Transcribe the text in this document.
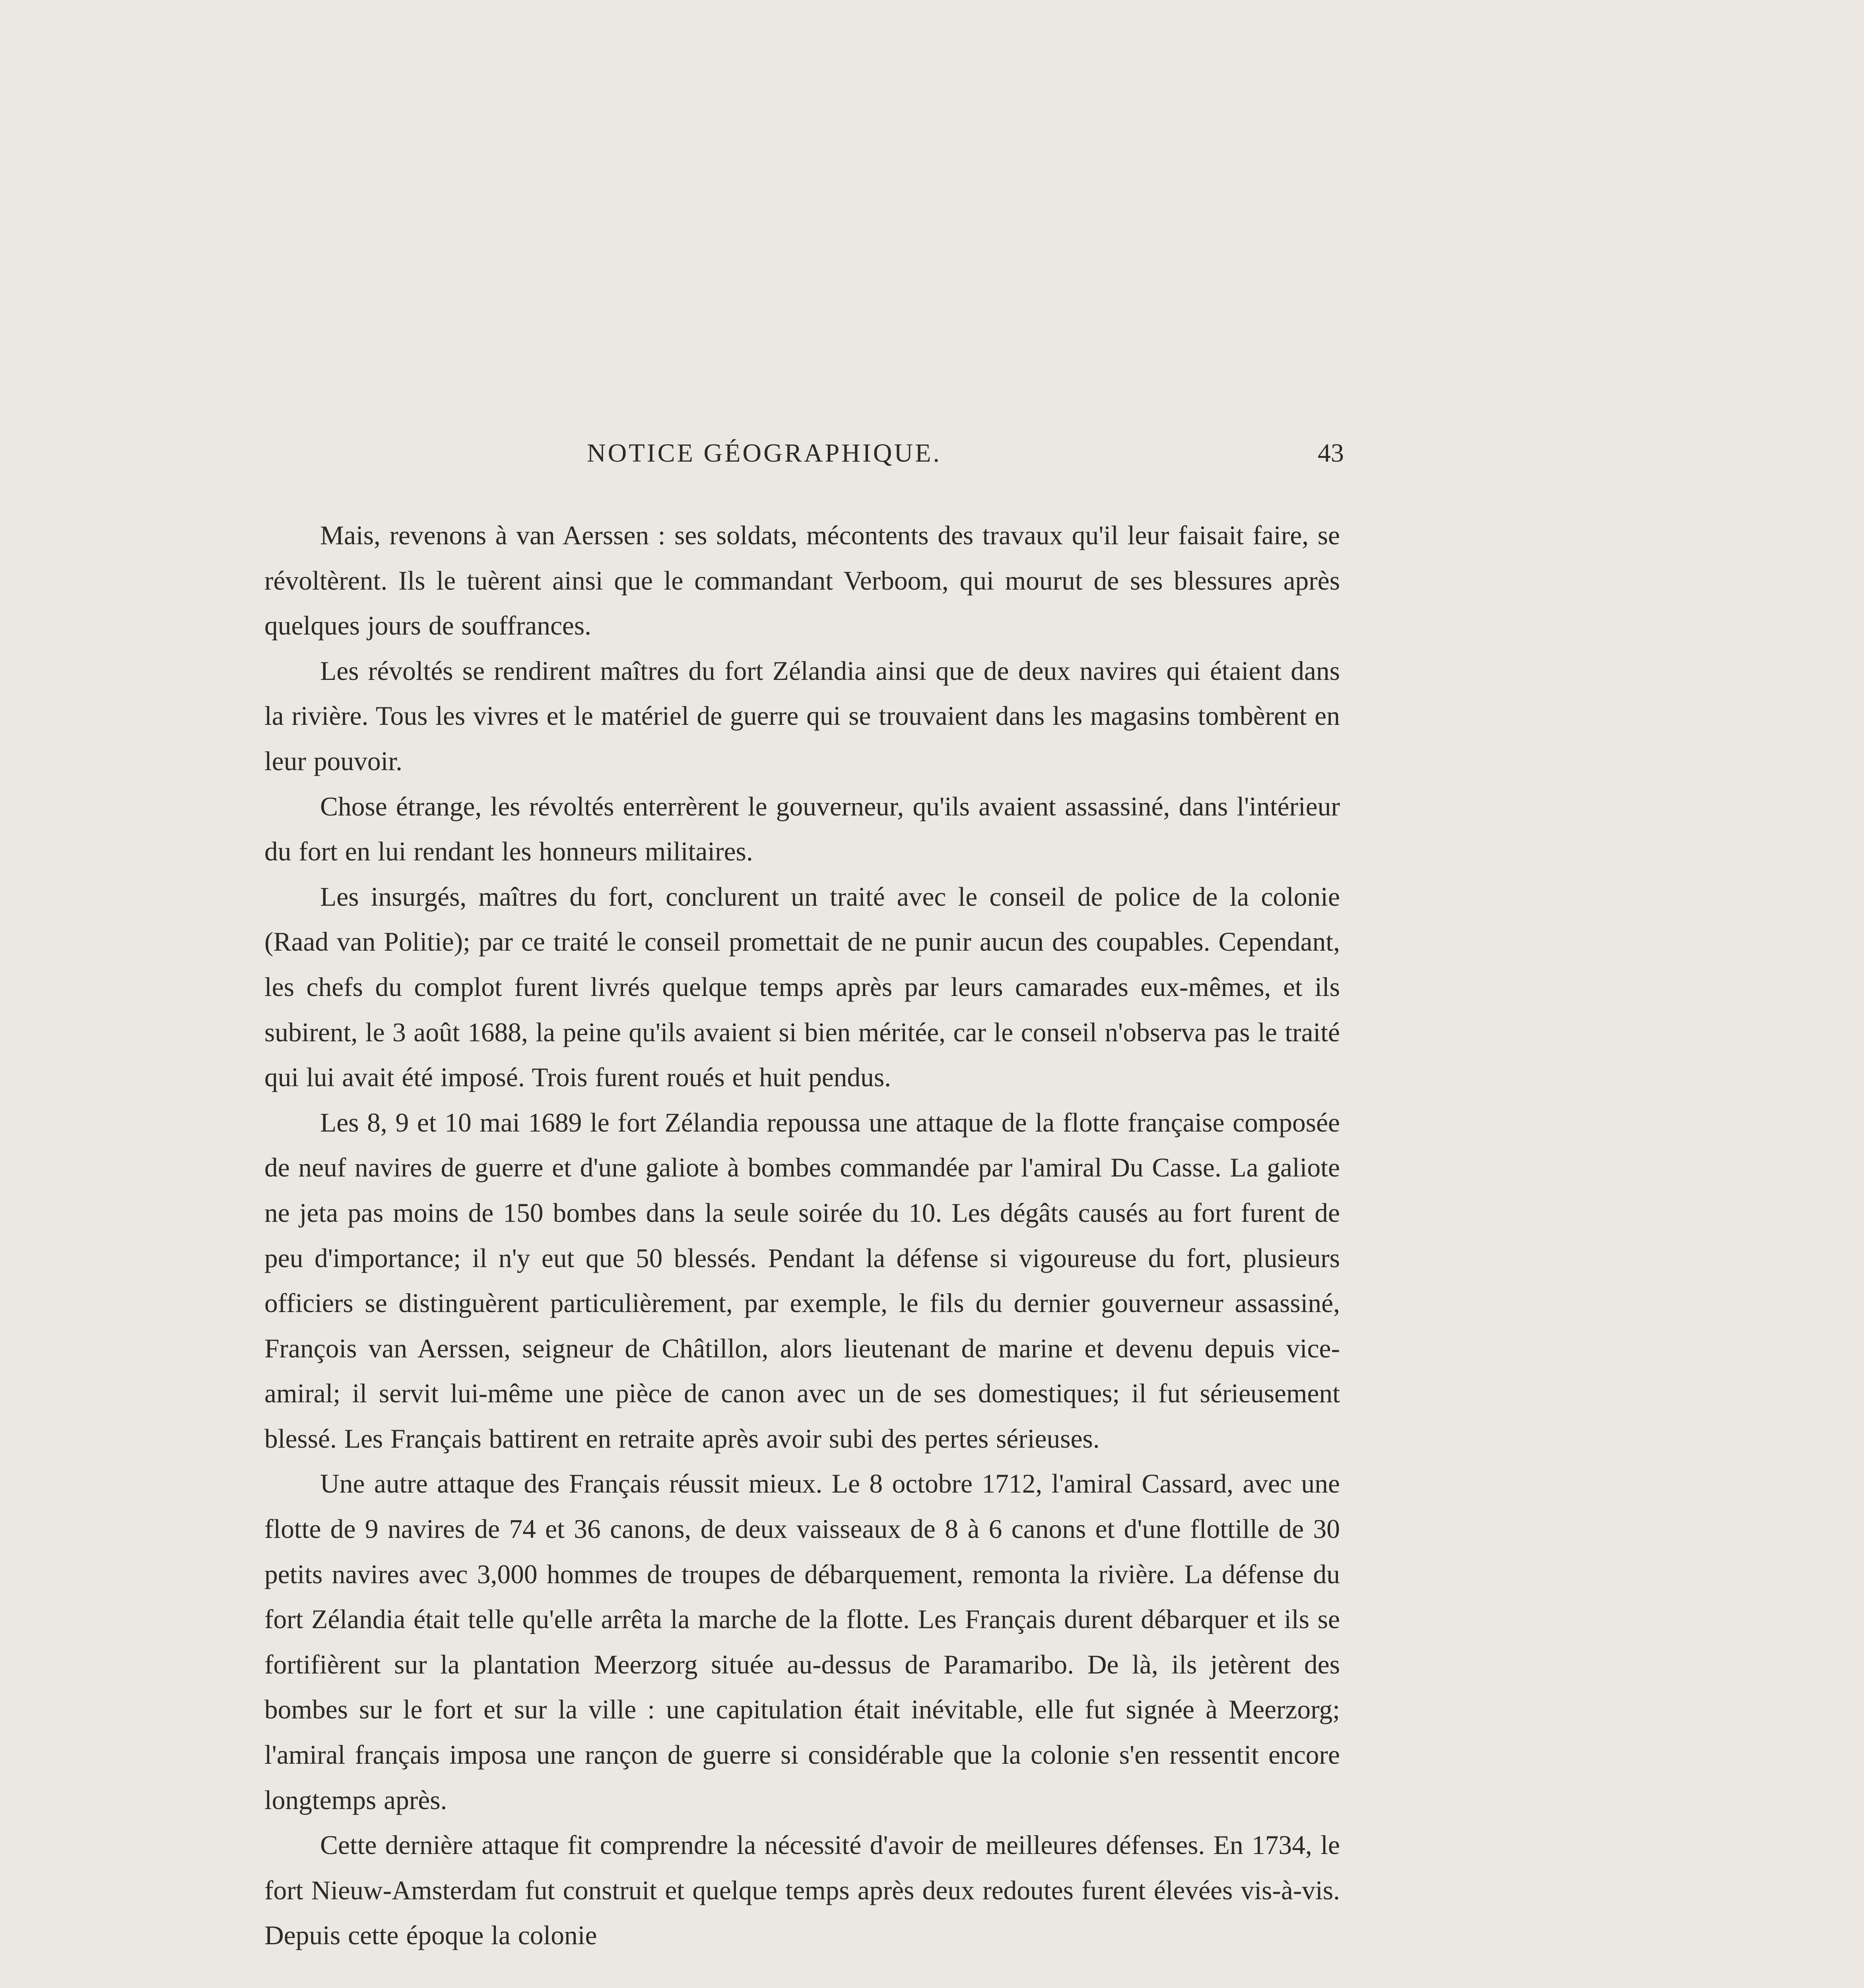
NOTICE GÉOGRAPHIQUE.	43

Mais, revenons à van Aerssen : ses soldats, mécontents des travaux qu'il leur faisait faire, se révoltèrent. Ils le tuèrent ainsi que le commandant Verboom, qui mourut de ses blessures après quelques jours de souffrances.

Les révoltés se rendirent maîtres du fort Zélandia ainsi que de deux navires qui étaient dans la rivière. Tous les vivres et le matériel de guerre qui se trouvaient dans les magasins tombèrent en leur pouvoir.

Chose étrange, les révoltés enterrèrent le gouverneur, qu'ils avaient assassiné, dans l'intérieur du fort en lui rendant les honneurs militaires.

Les insurgés, maîtres du fort, conclurent un traité avec le conseil de police de la colonie (Raad van Politie); par ce traité le conseil promettait de ne punir aucun des coupables. Cependant, les chefs du complot furent livrés quelque temps après par leurs camarades eux-mêmes, et ils subirent, le 3 août 1688, la peine qu'ils avaient si bien méritée, car le conseil n'observa pas le traité qui lui avait été imposé. Trois furent roués et huit pendus.

Les 8, 9 et 10 mai 1689 le fort Zélandia repoussa une attaque de la flotte française composée de neuf navires de guerre et d'une galiote à bombes commandée par l'amiral Du Casse. La galiote ne jeta pas moins de 150 bombes dans la seule soirée du 10. Les dégâts causés au fort furent de peu d'importance; il n'y eut que 50 blessés. Pendant la défense si vigoureuse du fort, plusieurs officiers se distinguèrent particulièrement, par exemple, le fils du dernier gouverneur assassiné, François van Aerssen, seigneur de Châtillon, alors lieutenant de marine et devenu depuis vice-amiral; il servit lui-même une pièce de canon avec un de ses domestiques; il fut sérieusement blessé. Les Français battirent en retraite après avoir subi des pertes sérieuses.

Une autre attaque des Français réussit mieux. Le 8 octobre 1712, l'amiral Cassard, avec une flotte de 9 navires de 74 et 36 canons, de deux vaisseaux de 8 à 6 canons et d'une flottille de 30 petits navires avec 3,000 hommes de troupes de débarquement, remonta la rivière. La défense du fort Zélandia était telle qu'elle arrêta la marche de la flotte. Les Français durent débarquer et ils se fortifièrent sur la plantation Meerzorg située au-dessus de Paramaribo. De là, ils jetèrent des bombes sur le fort et sur la ville : une capitulation était inévitable, elle fut signée à Meerzorg; l'amiral français imposa une rançon de guerre si considérable que la colonie s'en ressentit encore longtemps après.

Cette dernière attaque fit comprendre la nécessité d'avoir de meilleures défenses. En 1734, le fort Nieuw-Amsterdam fut construit et quelque temps après deux redoutes furent élevées vis-à-vis. Depuis cette époque la colonie
